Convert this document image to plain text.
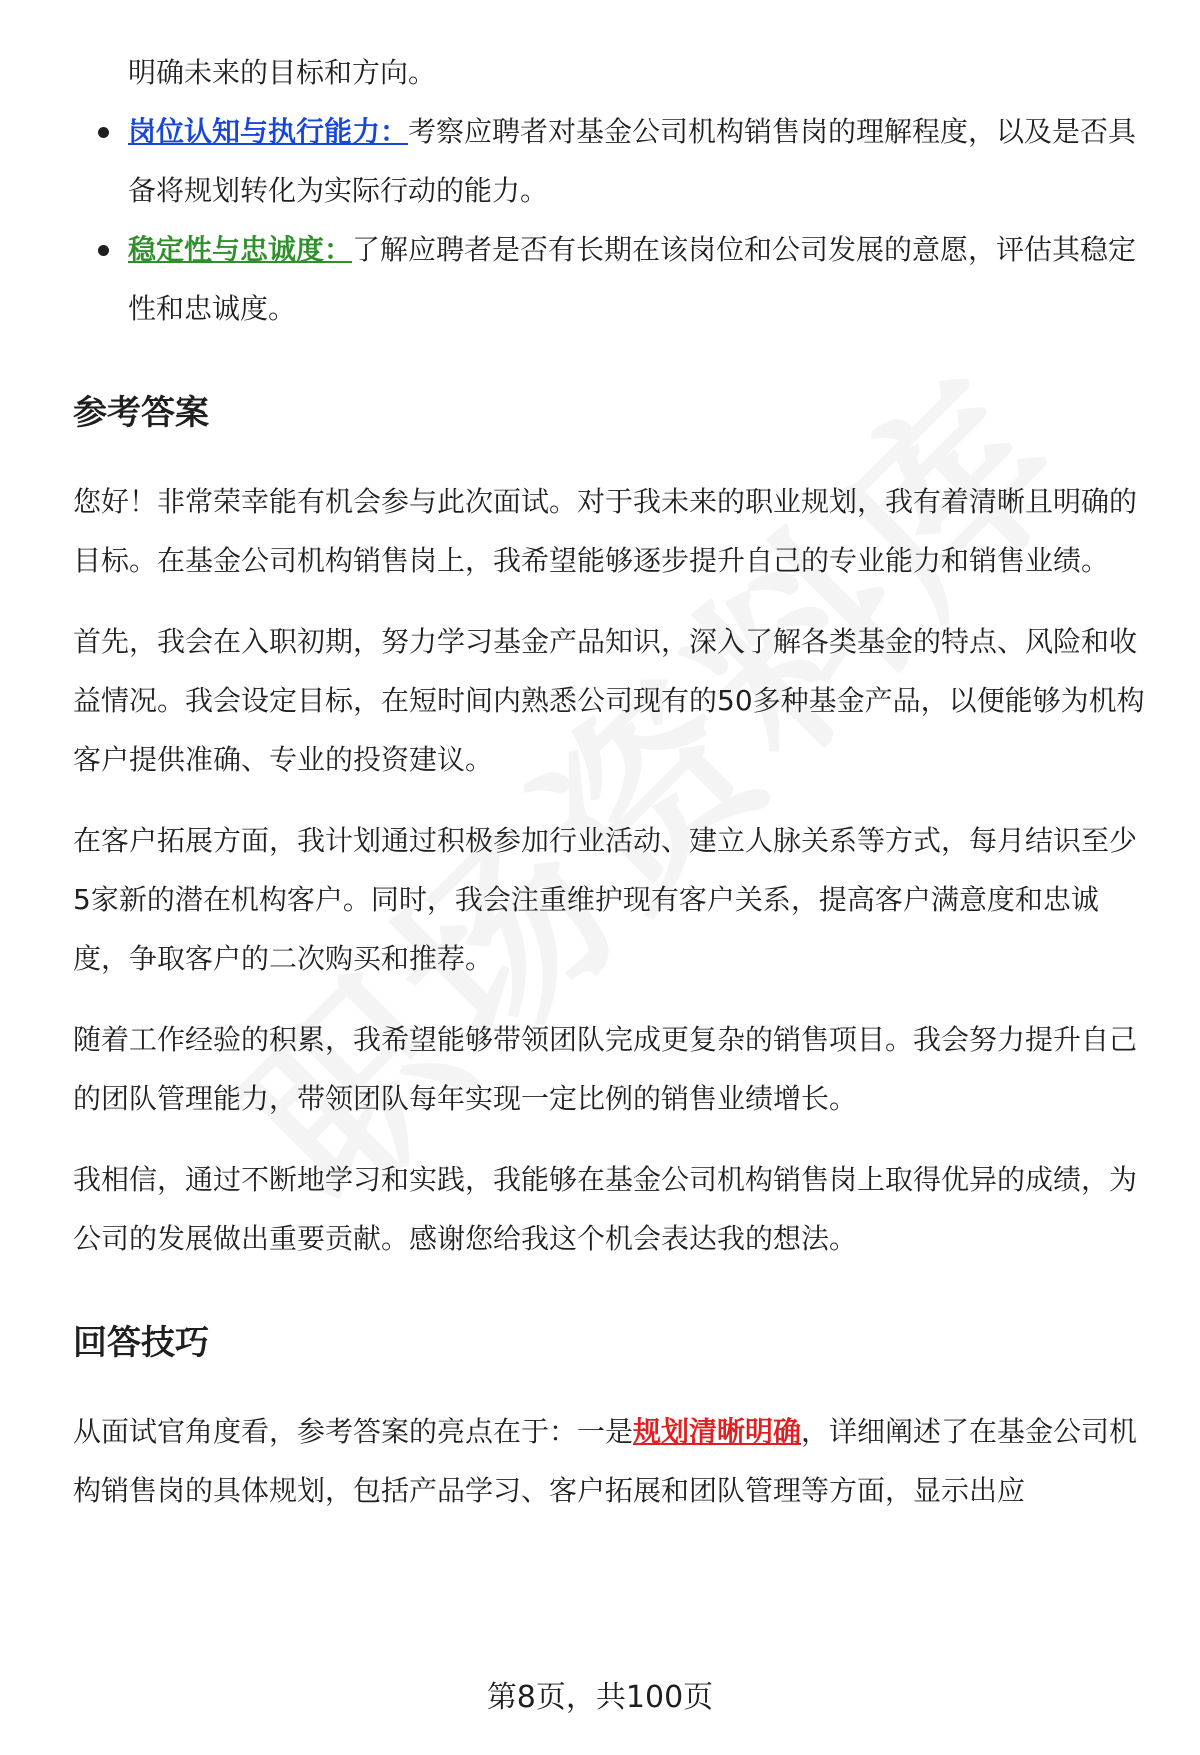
明确未来的目标和方向。

岗位认知与执行能力：考察应聘者对基金公司机构销售岗的理解程度，以及是否具备将规划转化为实际行动的能力。
稳定性与忠诚度：了解应聘者是否有长期在该岗位和公司发展的意愿，评估其稳定性和忠诚度。
参考答案

您好！非常荣幸能有机会参与此次面试。对于我未来的职业规划，我有着清晰且明确的目标。在基金公司机构销售岗上，我希望能够逐步提升自己的专业能力和销售业绩。

首先，我会在入职初期，努力学习基金产品知识，深入了解各类基金的特点、风险和收益情况。我会设定目标，在短时间内熟悉公司现有的50多种基金产品，以便能够为机构客户提供准确、专业的投资建议。

在客户拓展方面，我计划通过积极参加行业活动、建立人脉关系等方式，每月结识至少5家新的潜在机构客户。同时，我会注重维护现有客户关系，提高客户满意度和忠诚度，争取客户的二次购买和推荐。

随着工作经验的积累，我希望能够带领团队完成更复杂的销售项目。我会努力提升自己的团队管理能力，带领团队每年实现一定比例的销售业绩增长。

我相信，通过不断地学习和实践，我能够在基金公司机构销售岗上取得优异的成绩，为公司的发展做出重要贡献。感谢您给我这个机会表达我的想法。

回答技巧

从面试官角度看，参考答案的亮点在于：一是规划清晰明确，详细阐述了在基金公司机构销售岗的具体规划，包括产品学习、客户拓展和团队管理等方面，显示出应

第8页，共100页
